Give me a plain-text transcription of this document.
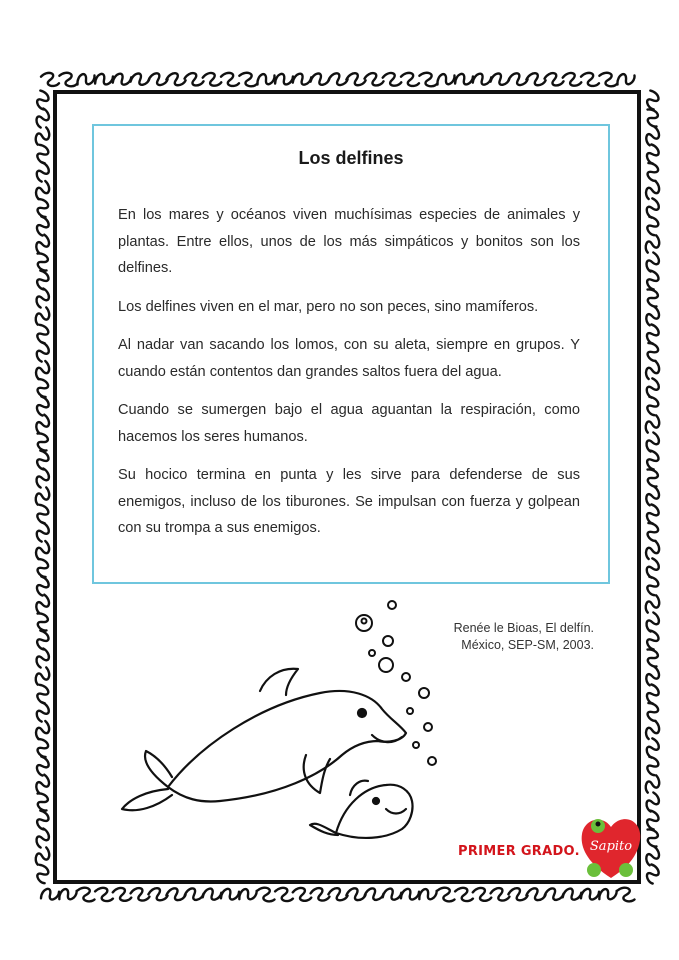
Los delfines

En los mares y océanos viven muchísimas especies de animales y plantas. Entre ellos, unos de los más simpáticos y bonitos son los delfines.

Los delfines viven en el mar, pero no son peces, sino mamíferos.

Al nadar van sacando los lomos, con su aleta, siempre en grupos. Y cuando están contentos dan grandes saltos fuera del agua.

Cuando se sumergen bajo el agua aguantan la respiración, como hacemos los seres humanos.

Su hocico termina en punta y les sirve para defenderse de sus enemigos, incluso de los tiburones. Se impulsan con fuerza y golpean con su trompa a sus enemigos.

Renée le Bioas, El delfín.
México, SEP-SM, 2003.
PRIMER GRADO. Sapito
